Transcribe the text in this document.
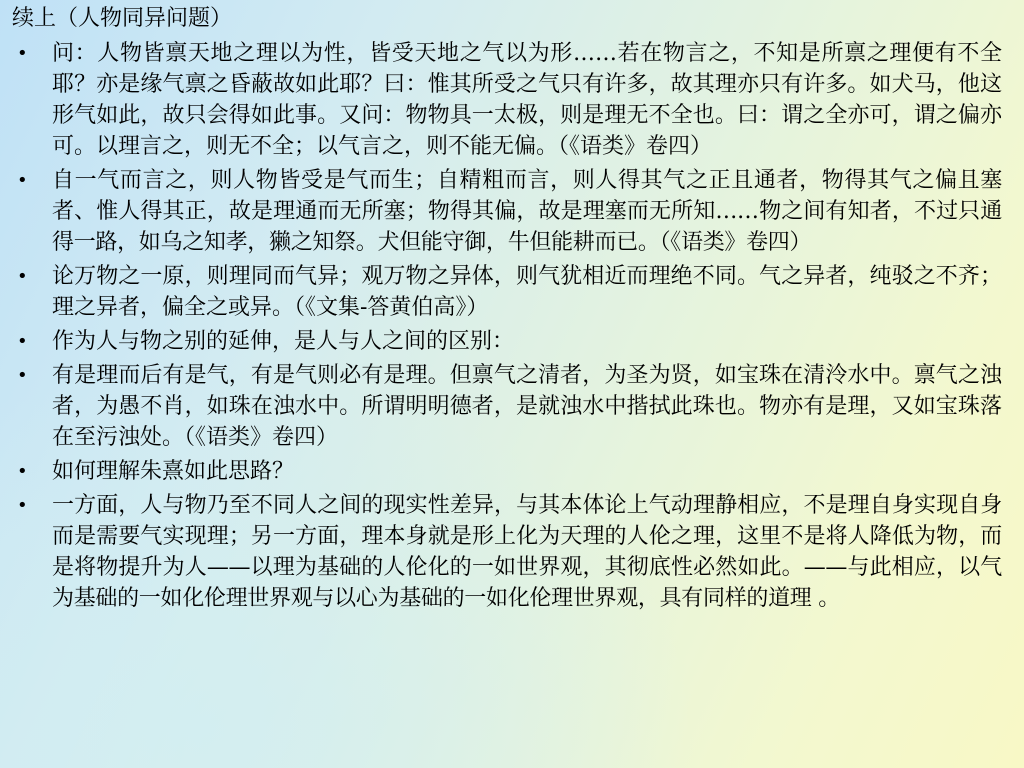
续上（人物同异问题）
• 问：人物皆禀天地之理以为性，皆受天地之气以为形……若在物言之，不知是所禀之理便有不全耶？亦是缘气禀之昏蔽故如此耶？曰：惟其所受之气只有许多，故其理亦只有许多。如犬马，他这形气如此，故只会得如此事。又问：物物具一太极，则是理无不全也。曰：谓之全亦可，谓之偏亦可。以理言之，则无不全；以气言之，则不能无偏。（《语类》卷四）
• 自一气而言之，则人物皆受是气而生；自精粗而言，则人得其气之正且通者，物得其气之偏且塞者、惟人得其正，故是理通而无所塞；物得其偏，故是理塞而无所知……物之间有知者，不过只通得一路，如乌之知孝，獭之知祭。犬但能守御，牛但能耕而已。（《语类》卷四）
• 论万物之一原，则理同而气异；观万物之异体，则气犹相近而理绝不同。气之异者，纯驳之不齐；理之异者，偏全之或异。（《文集-答黄伯高》）
• 作为人与物之别的延伸，是人与人之间的区别：
• 有是理而后有是气，有是气则必有是理。但禀气之清者，为圣为贤，如宝珠在清泠水中。禀气之浊者，为愚不肖，如珠在浊水中。所谓明明德者，是就浊水中揩拭此珠也。物亦有是理，又如宝珠落在至污浊处。（《语类》卷四）
• 如何理解朱熹如此思路？
• 一方面，人与物乃至不同人之间的现实性差异，与其本体论上气动理静相应，不是理自身实现自身而是需要气实现理；另一方面，理本身就是形上化为天理的人伦之理，这里不是将人降低为物，而是将物提升为人——以理为基础的人伦化的一如世界观，其彻底性必然如此。——与此相应，以气为基础的一如化伦理世界观与以心为基础的一如化伦理世界观，具有同样的道理 。
